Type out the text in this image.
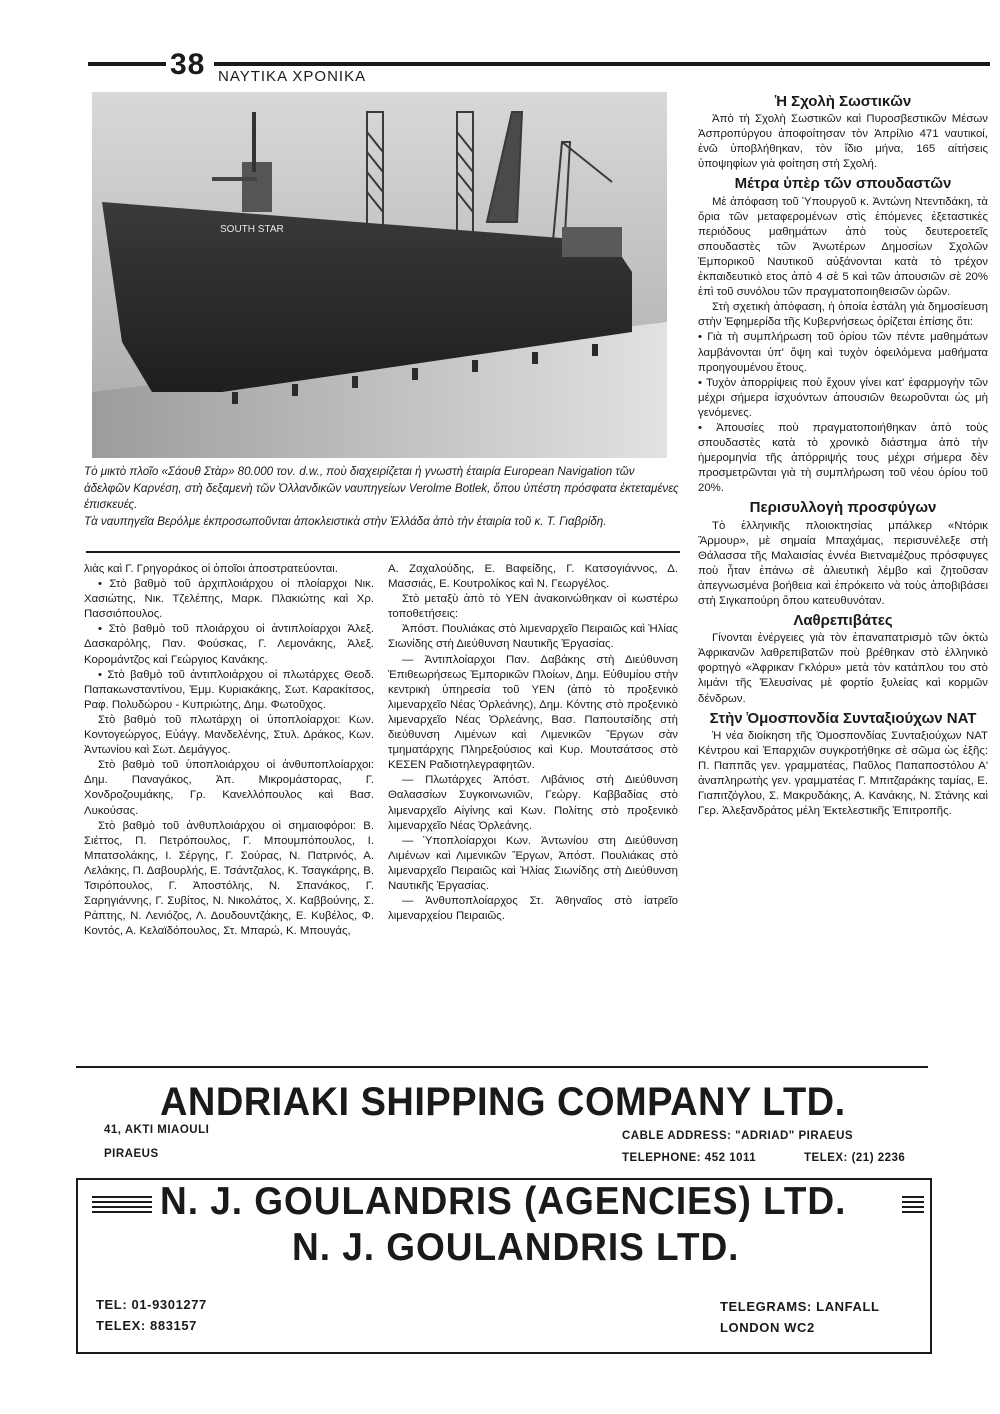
38 ΝΑΥΤΙΚΑ ΧΡΟΝΙΚΑ
SOUTH STAR

Τὸ μικτὸ πλοῖο «Σάουθ Στὰρ» 80.000 τον. d.w., ποὺ διαχειρίζεται ἡ γνωστὴ ἑταιρία European Navigation τῶν ἀδελφῶν Καρνέση, στὴ δεξαμενὴ τῶν Ὀλλανδικῶν ναυπηγείων Verolme Botlek, ὅπου ὑπέστη πρόσφατα ἐκτεταμένες ἐπισκευές.

Τὰ ναυπηγεῖα Βερόλμε ἐκπροσωποῦνται ἀποκλειστικὰ στὴν Ἑλλάδα ἀπὸ τὴν ἑταιρία τοῦ κ. Τ. Γιαβρίδη.

λιὰς καὶ Γ. Γρηγοράκος οἱ ὁποῖοι ἀποστρατεύονται.

• Στὸ βαθμὸ τοῦ ἀρχιπλοιάρχου οἱ πλοίαρχοι Νικ. Χασιώτης, Νικ. Τζελέπης, Μαρκ. Πλακιώτης καὶ Χρ. Πασσιόπουλος.

• Στὸ βαθμὸ τοῦ πλοιάρχου οἱ ἀντιπλοίαρχοι Ἀλεξ. Δασκαρόλης, Παν. Φούσκας, Γ. Λεμονάκης, Ἀλεξ. Κορομάντζος καὶ Γεώργιος Κανάκης.

• Στὸ βαθμὸ τοῦ ἀντιπλοιάρχου οἱ πλωτάρχες Θεοδ. Παπακωνσταντίνου, Ἐμμ. Κυριακάκης, Σωτ. Καρακίτσος, Ραφ. Πολυδώρου - Κυπριώτης, Δημ. Φωτοῦχος.

Στὸ βαθμὸ τοῦ πλωτάρχη οἱ ὑποπλοίαρχοι: Κων. Κοντογεώργος, Εὐάγγ. Μανδελένης, Στυλ. Δράκος, Κων. Ἀντωνίου καὶ Σωτ. Δεμάγγος.

Στὸ βαθμὸ τοῦ ὑποπλοιάρχου οἱ ἀνθυποπλοίαρχοι: Δημ. Παναγάκος, Ἀπ. Μικρομάστορας, Γ. Χονδροζουμάκης, Γρ. Κανελλόπουλος καὶ Βασ. Λυκούσας.

Στὸ βαθμὸ τοῦ ἀνθυπλοιάρχου οἱ σημαιοφόροι: Β. Σιέττος, Π. Πετρόπουλος, Γ. Μπουμπόπουλος, Ι. Μπατσολάκης, Ι. Σέργης, Γ. Σούρας, Ν. Πατρινός, Α. Λελάκης, Π. Δαβουρλής, Ε. Τσάντζαλος, Κ. Τσαγκάρης, Β. Τσιρόπουλος, Γ. Ἀποστόλης, Ν. Σπανάκος, Γ. Σαρηγιάννης, Γ. Συβίτος, Ν. Νικολάτος, Χ. Καββούνης, Σ. Ράπτης, Ν. Λενιόζος, Λ. Δουδουντζάκης, Ε. Κυβέλος, Φ. Κοντός, Α. Κελαϊδόπουλος, Στ. Μπαρώ, Κ. Μπουγάς,

Α. Ζαχαλούδης, Ε. Βαφείδης, Γ. Κατσογιάννος, Δ. Μασσιάς, Ε. Κουτρολίκος καὶ Ν. Γεωργέλος.

Στὸ μεταξὺ ἀπὸ τὸ ΥΕΝ ἀνακοινώθηκαν οἱ κωστέρω τοποθετήσεις:

Ἀπόστ. Πουλιάκας στὸ λιμεναρχεῖο Πειραιῶς καὶ Ἡλίας Σιωνίδης στὴ Διεύθυνση Ναυτικῆς Ἐργασίας.

— Ἀντιπλοίαρχοι Παν. Δαβάκης στὴ Διεύθυνση Ἐπιθεωρήσεως Ἐμπορικῶν Πλοίων, Δημ. Εὐθυμίου στὴν κεντρικὴ ὑπηρεσία τοῦ ΥΕΝ (ἀπὸ τὸ προξενικὸ λιμεναρχεῖο Νέας Ὀρλεάνης), Δημ. Κόντης στὸ προξενικὸ λιμεναρχεῖο Νέας Ὀρλεάνης, Βασ. Παπουτσίδης στὴ διεύθυνση Λιμένων καὶ Λιμενικῶν Ἔργων σὰν τμηματάρχης Πληρεξούσιος καὶ Κυρ. Μουτσάτσος στὸ ΚΕΣΕΝ Ραδιοτηλεγραφητῶν.

— Πλωτάρχες Ἀπόστ. Λιβάνιος στὴ Διεύθυνση Θαλασσίων Συγκοινωνιῶν, Γεώργ. Καββαδίας στὸ λιμεναρχεῖο Αἰγίνης καὶ Κων. Πολίτης στὸ προξενικὸ λιμεναρχεῖο Νέας Ὀρλεάνης.

— Ὑποπλοίαρχοι Κων. Ἀντωνίου στη Διεύθυνση Λιμένων καὶ Λιμενικῶν Ἔργων, Ἀπόστ. Πουλιάκας στὸ λιμεναρχεῖο Πειραιῶς καὶ Ἡλίας Σιωνίδης στὴ Διεύθυνση Ναυτικῆς Ἐργασίας.

— Ἀνθυποπλοίαρχος Στ. Ἀθηναῖος στὸ ἰατρεῖο λιμεναρχείου Πειραιῶς.

Ἡ Σχολὴ Σωστικῶν

Ἀπὸ τὴ Σχολὴ Σωστικῶν καὶ Πυροσβεστικῶν Μέσων Ἀσπροπύργου ἀποφοίτησαν τὸν Ἀπρίλιο 471 ναυτικοί, ἐνῶ ὑποβλήθηκαν, τὸν ἴδιο μήνα, 165 αἰτήσεις ὑποψηφίων γιὰ φοίτηση στὴ Σχολή.

Μέτρα ὑπὲρ τῶν σπουδαστῶν

Μὲ ἀπόφαση τοῦ Ὑπουργοῦ κ. Ἀντώνη Ντεντιδάκη, τὰ ὅρια τῶν μεταφερομένων στὶς ἑπόμενες ἐξεταστικὲς περιόδους μαθημάτων ἀπὸ τοὺς δευτεροετεῖς σπουδαστὲς τῶν Ἀνωτέρων Δημοσίων Σχολῶν Ἐμπορικοῦ Ναυτικοῦ αὐξάνονται κατὰ τὸ τρέχον ἐκπαιδευτικὸ ετος ἀπὸ 4 σὲ 5 καὶ τῶν ἀπουσιῶν σὲ 20% ἐπὶ τοῦ συνόλου τῶν πραγματοποιηθεισῶν ὡρῶν.

Στὴ σχετικὴ ἀπόφαση, ἡ ὁποία ἐστάλη γιὰ δημοσίευση στὴν Ἐφημερίδα τῆς Κυβερνήσεως ὁρίζεται ἐπίσης ὅτι:

• Γιὰ τὴ συμπλήρωση τοῦ ὁρίου τῶν πέντε μαθημάτων λαμβάνονται ὑπ' ὄψη καὶ τυχὸν ὀφειλόμενα μαθήματα προηγουμένου ἔτους.

• Τυχὸν ἀπορρίψεις ποὺ ἔχουν γίνει κατ' ἐφαρμογὴν τῶν μέχρι σήμερα ἰσχυόντων ἀπουσιῶν θεωροῦνται ὡς μὴ γενόμενες.

• Ἀπουσίες ποὺ πραγματοποιήθηκαν ἀπὸ τοὺς σπουδαστὲς κατὰ τὸ χρονικὸ διάστημα ἀπὸ τὴν ἡμερομηνία τῆς ἀπόρριψής τους μέχρι σήμερα δὲν προσμετρῶνται γιὰ τὴ συμπλήρωση τοῦ νέου ὁρίου τοῦ 20%.

Περισυλλογὴ προσφύγων

Τὸ ἑλληνικῆς πλοιοκτησίας μπάλκερ «Ντόρικ Ἄρμουρ», μὲ σημαία Μπαχάμας, περισυνέλεξε στὴ Θάλασσα τῆς Μαλαισίας ἐννέα Βιετναμέζους πρόσφυγες ποὺ ἦταν ἐπάνω σὲ ἀλιευτικὴ λέμβο καὶ ζητοῦσαν ἀπεγνωσμένα βοήθεια καὶ ἐπρόκειτο νὰ τοὺς ἀποβιβάσει στὴ Σιγκαπούρη ὅπου κατευθυνόταν.

Λαθρεπιβάτες

Γίνονται ἐνέργειες γιὰ τὸν ἐπαναπατρισμὸ τῶν ὀκτὼ Ἀφρικανῶν λαθρεπιβατῶν ποὺ βρέθηκαν στὸ ἑλληνικὸ φορτηγὸ «Ἀφρικαν Γκλόρυ» μετὰ τὸν κατάπλου του στὸ λιμάνι τῆς Ἐλευσίνας μὲ φορτίο ξυλείας καὶ κορμῶν δένδρων.

Στὴν Ὁμοσπονδία Συνταξιούχων ΝΑΤ

Ἡ νέα διοίκηση τῆς Ὁμοσπονδίας Συνταξιούχων ΝΑΤ Κέντρου καὶ Ἐπαρχιῶν συγκροτήθηκε σὲ σῶμα ὡς ἑξῆς: Π. Παππᾶς γεν. γραμματέας, Παῦλος Παπαποστόλου Α' ἀναπληρωτὴς γεν. γραμματέας Γ. Μπιτζαράκης ταμίας, Ε. Γιαπιτζόγλου, Σ. Μακρυδάκης, Α. Κανάκης, Ν. Στάνης καὶ Γερ. Ἀλεξανδράτος μέλη Ἐκτελεστικῆς Ἐπιτροπῆς.

ANDRIAKI SHIPPING COMPANY LTD.
41, AKTI MIAOULI
PIRAEUS
CABLE ADDRESS: "ADRIAD" PIRAEUS
TELEPHONE: 452 1011	TELEX: (21) 2236
N. J. GOULANDRIS (AGENCIES) LTD.
N. J. GOULANDRIS LTD.
TEL: 01-9301277
TELEX: 883157
TELEGRAMS: LANFALL
LONDON WC2
